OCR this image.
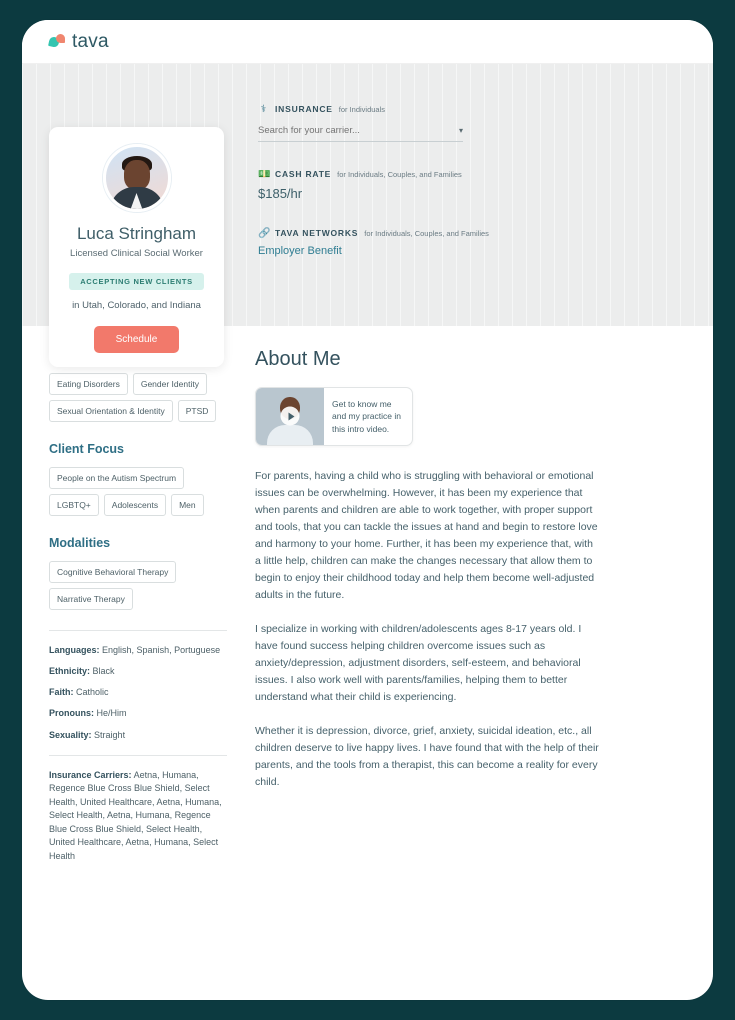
tava
Luca Stringham
Licensed Clinical Social Worker
ACCEPTING NEW CLIENTS
in Utah, Colorado, and Indiana
Schedule
⚕	INSURANCE for Individuals
Search for your carrier...
▾
💵 CASH RATE for Individuals, Couples, and Families
$185/hr
🔗 TAVA NETWORKS for Individuals, Couples, and Families
Employer Benefit
Eating Disorders	Gender Identity
Sexual Orientation & Identity	PTSD
Client Focus
People on the Autism Spectrum
LGBTQ+	Adolescents	Men
Modalities
Cognitive Behavioral Therapy
Narrative Therapy
Languages: English, Spanish, Portuguese
Ethnicity: Black
Faith: Catholic
Pronouns: He/Him
Sexuality: Straight
Insurance Carriers: Aetna, Humana, Regence Blue Cross Blue Shield, Select Health, United Healthcare, Aetna, Humana, Select Health, Aetna, Humana, Regence Blue Cross Blue Shield, Select Health, United Healthcare, Aetna, Humana, Select Health
About Me
Get to know me and my practice in this intro video.

For parents, having a child who is struggling with behavioral or emotional issues can be overwhelming. However, it has been my experience that when parents and children are able to work together, with proper support and tools, that you can tackle the issues at hand and begin to restore love and harmony to your home. Further, it has been my experience that, with a little help, children can make the changes necessary that allow them to begin to enjoy their childhood today and help them become well-adjusted adults in the future.

I specialize in working with children/adolescents ages 8-17 years old. I have found success helping children overcome issues such as anxiety/depression, adjustment disorders, self-esteem, and behavioral issues. I also work well with parents/families, helping them to better understand what their child is experiencing.

Whether it is depression, divorce, grief, anxiety, suicidal ideation, etc., all children deserve to live happy lives. I have found that with the help of their parents, and the tools from a therapist, this can become a reality for every child.
